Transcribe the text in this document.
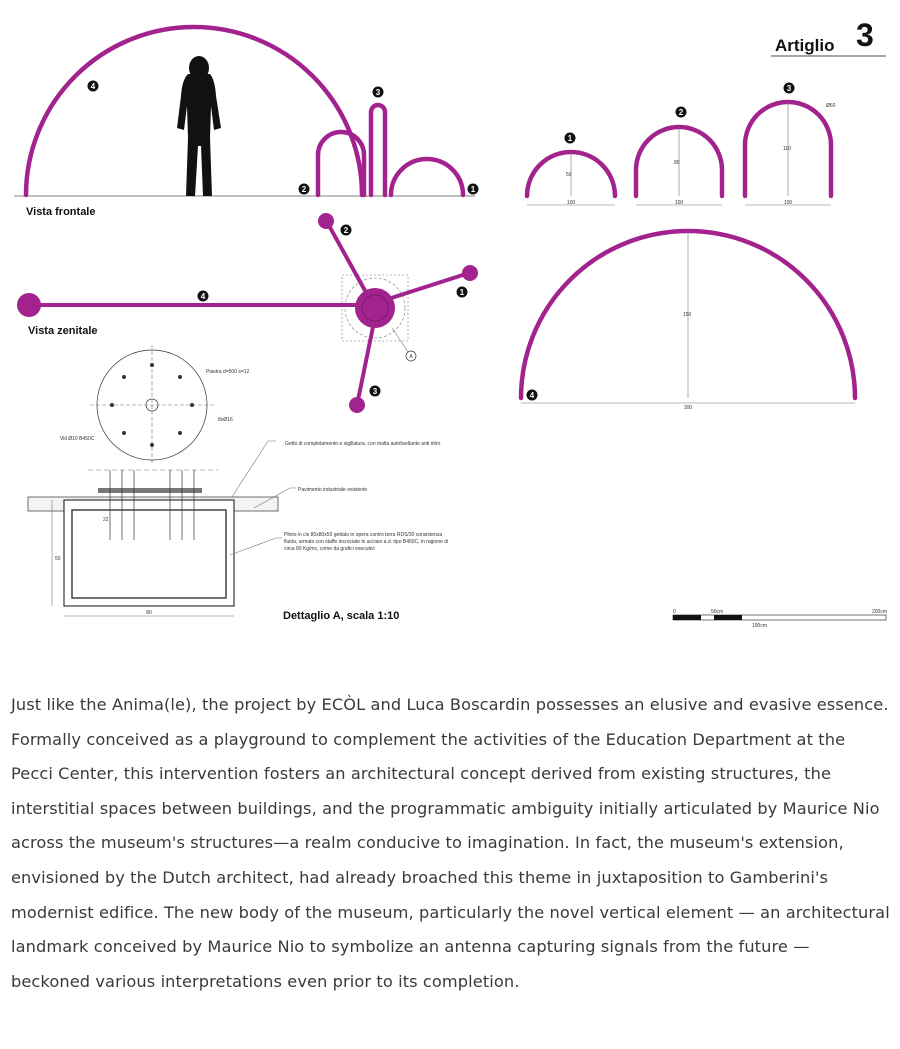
Artiglio 3
4
3
2	1
Vista frontale
2
4	1
3
A
Vista zenitale
100
50
1
100
80
2
100
110
3
Ø60
300
150
4
Piastra d=500 s=12
8xØ16
Viti Ø10 B450C
80
50
22
Getto di completamento e sigillatura, con malta autolivellante anti ritiro
Pavimento industriale esistente
Plinto in cls 80x80x50 gettato in opera contro terra RDS/30 consistenza fluida, armato con staffe incrociate in acciaio a.d. tipo B450C, in ragione di circa 80 Kg/mc, come da grafici esecutivi
Dettaglio A, scala 1:10	0	50cm
100cm
200cm

Just like the Anima(le), the project by ECÒL and Luca Boscardin possesses an elusive and evasive essence. Formally conceived as a playground to complement the activities of the Education Department at the Pecci Center, this intervention fosters an architectural concept derived from existing structures, the interstitial spaces between buildings, and the programmatic ambiguity initially articulated by Maurice Nio across the museum's structures—a realm conducive to imagination. In fact, the museum's extension, envisioned by the Dutch architect, had already broached this theme in juxtaposition to Gamberini's modernist edifice. The new body of the museum, particularly the novel vertical element — an architectural landmark conceived by Maurice Nio to symbolize an antenna capturing signals from the future — beckoned various interpretations even prior to its completion.
